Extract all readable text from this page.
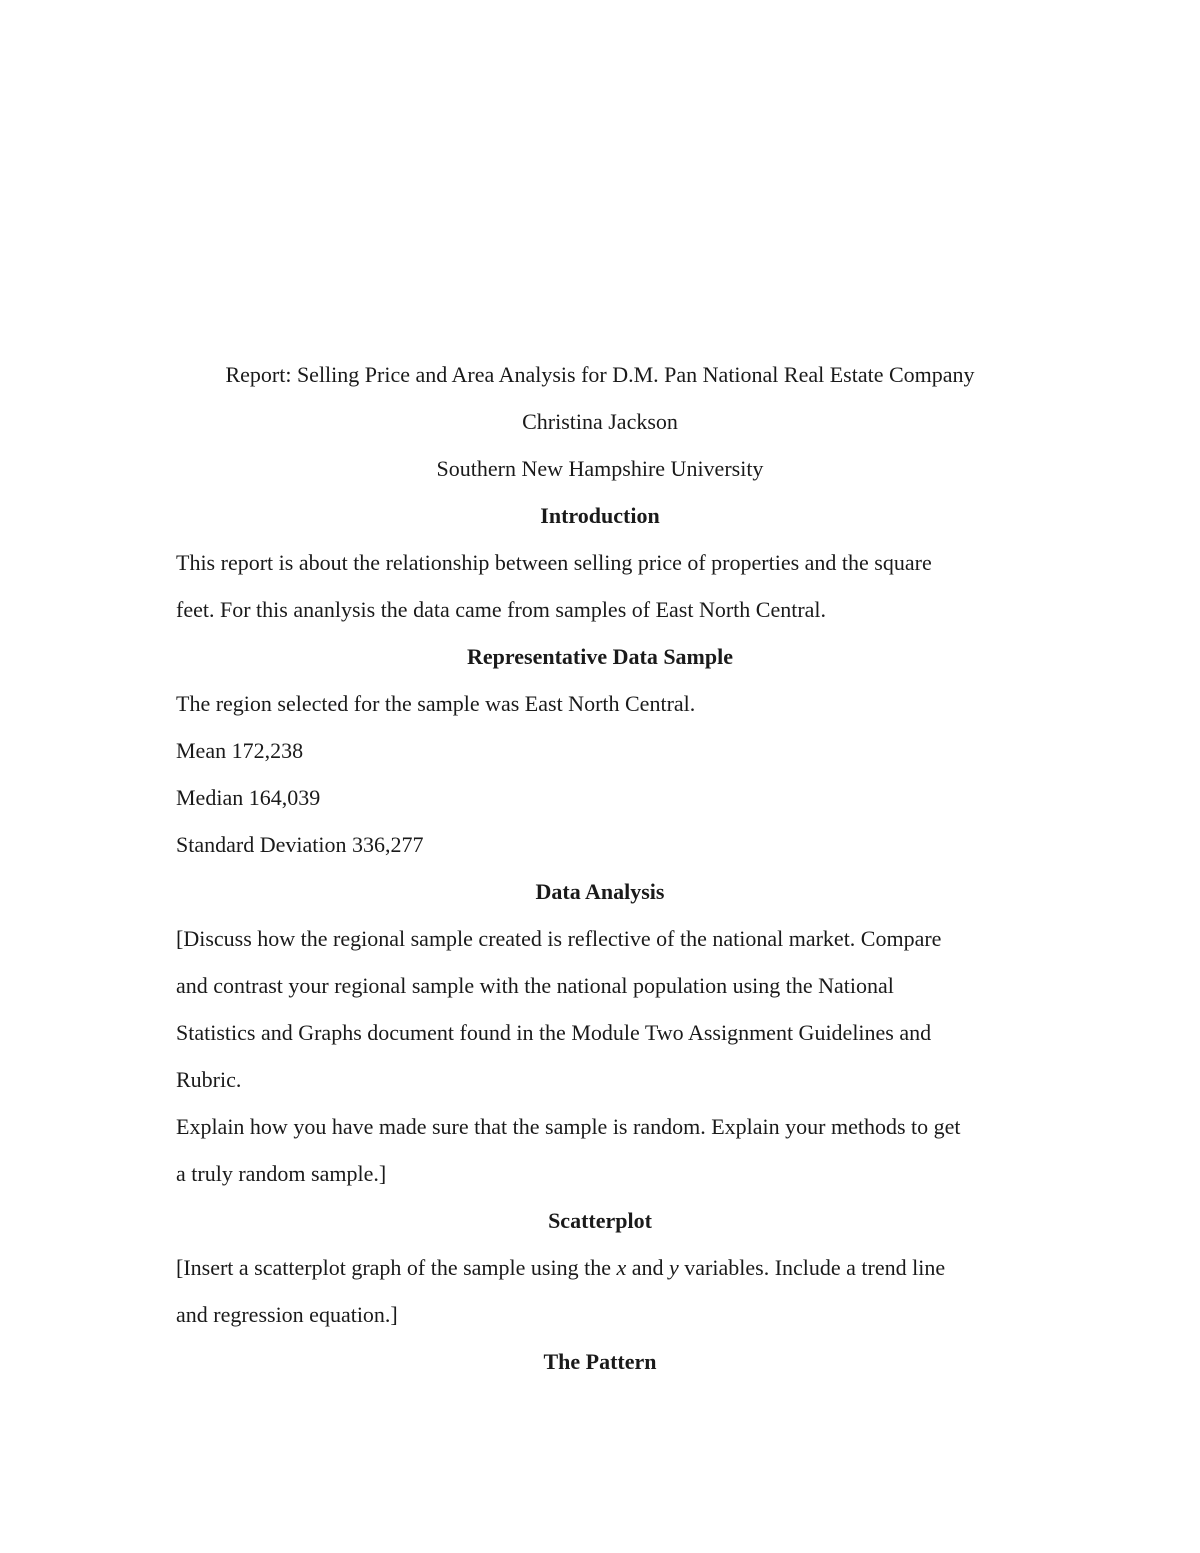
Report: Selling Price and Area Analysis for D.M. Pan National Real Estate Company
Christina Jackson
Southern New Hampshire University
Introduction
This report is about the relationship between selling price of properties and the square
feet. For this ananlysis the data came from samples of East North Central.
Representative Data Sample
The region selected for the sample was East North Central.
Mean 172,238
Median 164,039
Standard Deviation 336,277
Data Analysis
[Discuss how the regional sample created is reflective of the national market. Compare
and contrast your regional sample with the national population using the National
Statistics and Graphs document found in the Module Two Assignment Guidelines and
Rubric.
Explain how you have made sure that the sample is random. Explain your methods to get
a truly random sample.]
Scatterplot
[Insert a scatterplot graph of the sample using the x and y variables. Include a trend line
and regression equation.]
The Pattern
